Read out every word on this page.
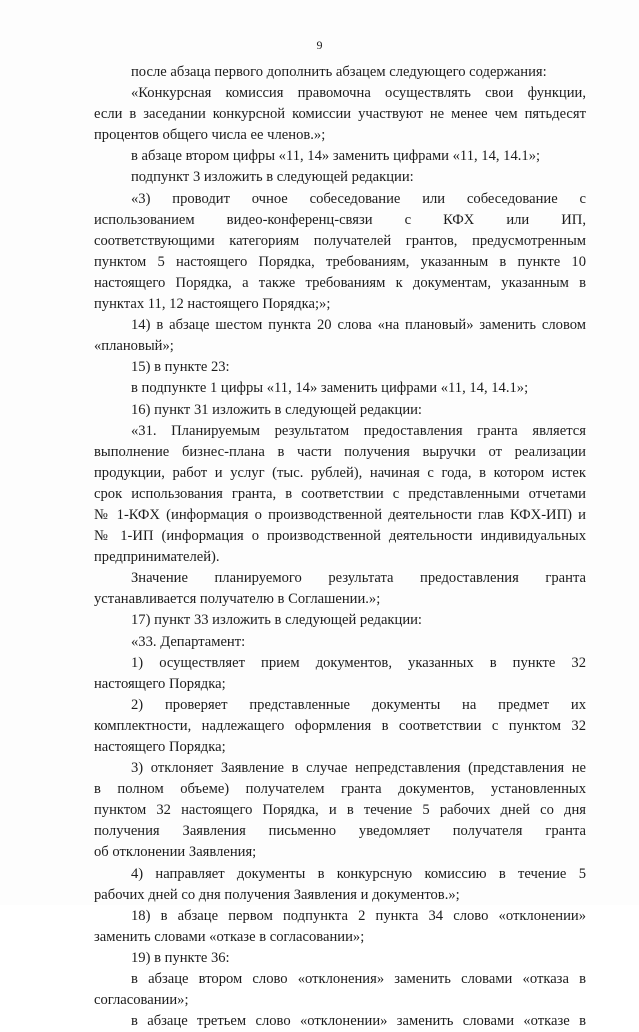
9

после абзаца первого дополнить абзацем следующего содержания:

«Конкурсная комиссия правомочна осуществлять свои функции,

если в заседании конкурсной комиссии участвуют не менее чем пятьдесят

процентов общего числа ее членов.»;

в абзаце втором цифры «11, 14» заменить цифрами «11, 14, 14.1»;

подпункт 3 изложить в следующей редакции:

«3) проводит очное собеседование или собеседование с

использованием видео-конференц-связи с КФХ или ИП,

соответствующими категориям получателей грантов, предусмотренным

пунктом 5 настоящего Порядка, требованиям, указанным в пункте 10

настоящего Порядка, а также требованиям к документам, указанным в

пунктах 11, 12 настоящего Порядка;»;

14) в абзаце шестом пункта 20 слова «на плановый» заменить словом

«плановый»;

15) в пункте 23:

в подпункте 1 цифры «11, 14» заменить цифрами «11, 14, 14.1»;

16) пункт 31 изложить в следующей редакции:

«31. Планируемым результатом предоставления гранта является

выполнение бизнес-плана в части получения выручки от реализации

продукции, работ и услуг (тыс. рублей), начиная с года, в котором истек

срок использования гранта, в соответствии с представленными отчетами

№ 1-КФХ (информация о производственной деятельности глав КФХ-ИП) и

№ 1-ИП (информация о производственной деятельности индивидуальных

предпринимателей).

Значение планируемого результата предоставления гранта

устанавливается получателю в Соглашении.»;

17) пункт 33 изложить в следующей редакции:

«33. Департамент:

1) осуществляет прием документов, указанных в пункте 32

настоящего Порядка;

2) проверяет представленные документы на предмет их

комплектности, надлежащего оформления в соответствии с пунктом 32

настоящего Порядка;

3) отклоняет Заявление в случае непредставления (представления не

в полном объеме) получателем гранта документов, установленных

пунктом 32 настоящего Порядка, и в течение 5 рабочих дней со дня

получения Заявления письменно уведомляет получателя гранта

об отклонении Заявления;

4) направляет документы в конкурсную комиссию в течение 5

рабочих дней со дня получения Заявления и документов.»;

18) в абзаце первом подпункта 2 пункта 34 слово «отклонении»

заменить словами «отказе в согласовании»;

19) в пункте 36:

в абзаце втором слово «отклонения» заменить словами «отказа в

согласовании»;

в абзаце третьем слово «отклонении» заменить словами «отказе в
